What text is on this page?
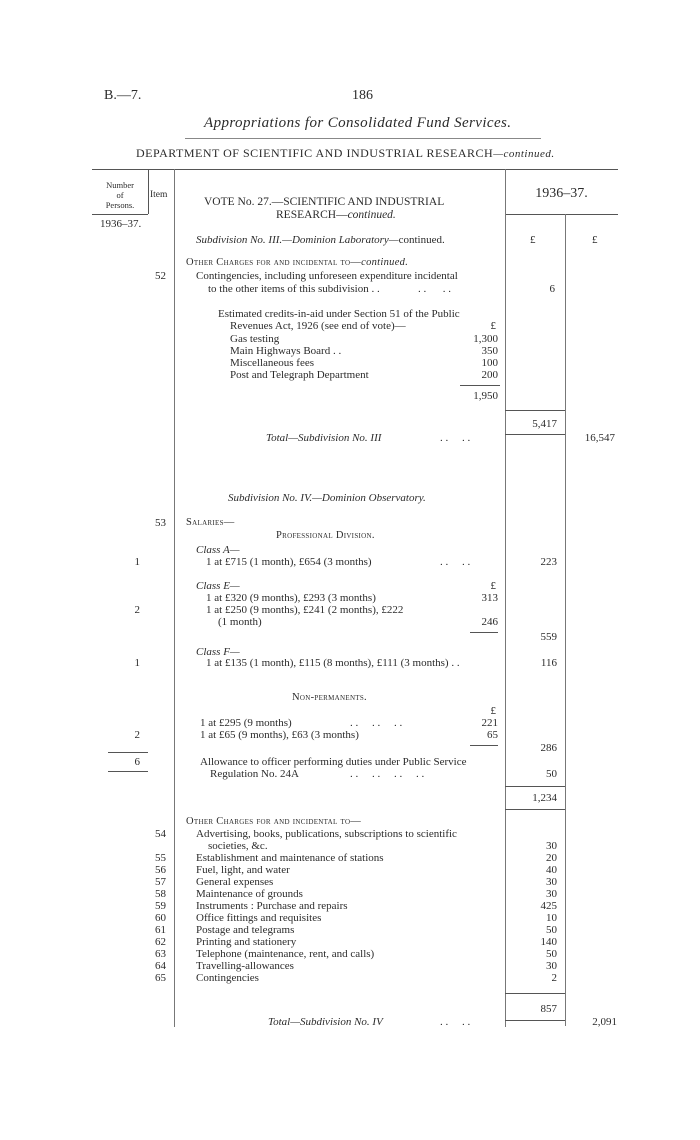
B.—7.	186
Appropriations for Consolidated Fund Services.
DEPARTMENT OF SCIENTIFIC AND INDUSTRIAL RESEARCH—continued.
Number
of
Persons.
Item	1936–37.
1936–37.
VOTE No. 27.—SCIENTIFIC AND INDUSTRIAL
RESEARCH—continued.
£	£
Subdivision No. III.—Dominion Laboratory—continued.
Other Charges for and incidental to—continued.
52	Contingencies, including unforeseen expenditure incidental
to the other items of this subdivision . .	. .      . .	6
Estimated credits-in-aid under Section 51 of the Public
Revenues Act, 1926 (see end of vote)—	£
Gas testing	1,300
Main Highways Board . .	350
Miscellaneous fees	100
Post and Telegraph Department	200
1,950
5,417
Total—Subdivision No. III	. .     . .	16,547
Subdivision No. IV.—Dominion Observatory.
53 Salaries—
Professional Division.
Class A—
1	1 at £715 (1 month), £654 (3 months)	. .     . .	223
Class E—	£
1 at £320 (9 months), £293 (3 months)	313
2	1 at £250 (9 months), £241 (2 months), £222
(1 month)	246
559
Class F—
1	1 at £135 (1 month), £115 (8 months), £111 (3 months) . .	116
Non-permanents.
£
1 at £295 (9 months)	. .     . .     . .	221
2	1 at £65 (9 months), £63 (3 months)	65
286
6	Allowance to officer performing duties under Public Service
Regulation No. 24A	. .     . .     . .     . .	50
1,234
Other Charges for and incidental to—
54	Advertising, books, publications, subscriptions to scientific
societies, &c.	30
55	Establishment and maintenance of stations	20
56	Fuel, light, and water	40
57	General expenses	30
58	Maintenance of grounds	30
59	Instruments : Purchase and repairs	425
60	Office fittings and requisites	10
61	Postage and telegrams	50
62	Printing and stationery	140
63	Telephone (maintenance, rent, and calls)	50
64	Travelling-allowances	30
65	Contingencies	2
857
Total—Subdivision No. IV	. .     . .	2,091
